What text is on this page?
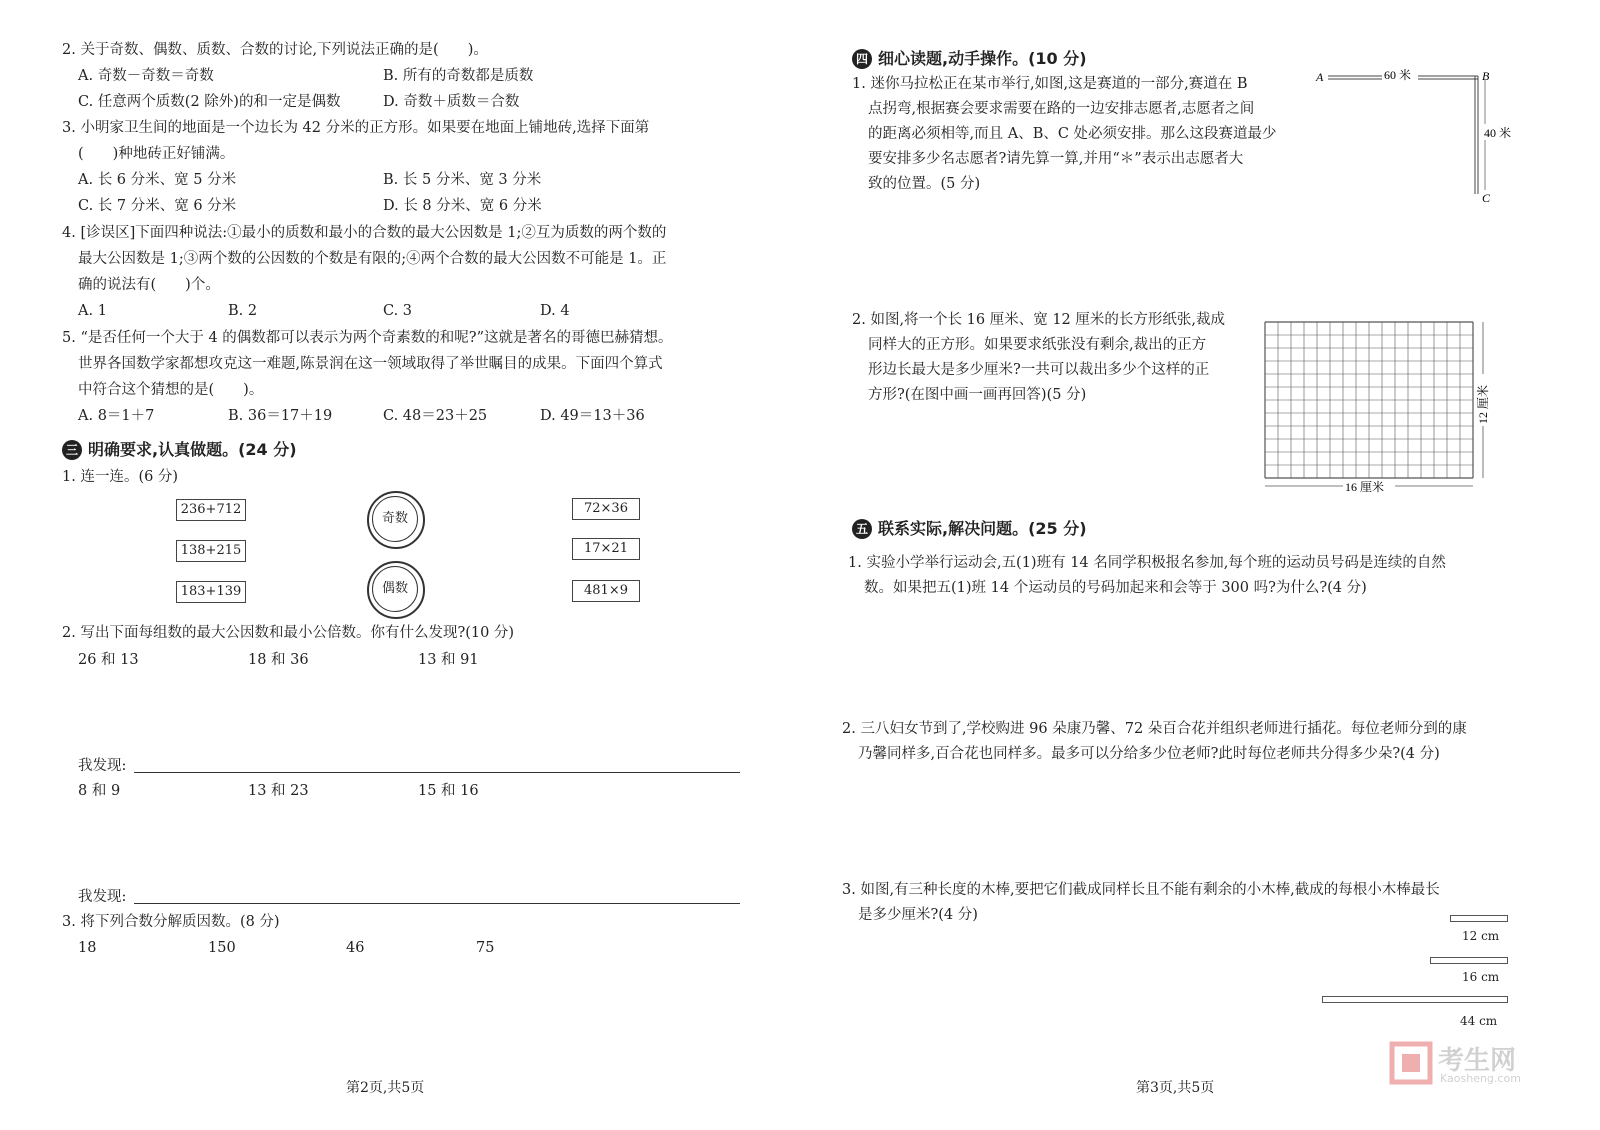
2. 关于奇数、偶数、质数、合数的讨论,下列说法正确的是(　　)。
A. 奇数－奇数＝奇数	B. 所有的奇数都是质数
C. 任意两个质数(2 除外)的和一定是偶数	D. 奇数＋质数＝合数
3. 小明家卫生间的地面是一个边长为 42 分米的正方形。如果要在地面上铺地砖,选择下面第
(　　)种地砖正好铺满。
A. 长 6 分米、宽 5 分米	B. 长 5 分米、宽 3 分米
C. 长 7 分米、宽 6 分米	D. 长 8 分米、宽 6 分米
4. [诊误区]下面四种说法:①最小的质数和最小的合数的最大公因数是 1;②互为质数的两个数的
最大公因数是 1;③两个数的公因数的个数是有限的;④两个合数的最大公因数不可能是 1。正
确的说法有(　　)个。
A. 1	B. 2	C. 3	D. 4
5. “是否任何一个大于 4 的偶数都可以表示为两个奇素数的和呢?”这就是著名的哥德巴赫猜想。
世界各国数学家都想攻克这一难题,陈景润在这一领域取得了举世瞩目的成果。下面四个算式
中符合这个猜想的是(　　)。
A. 8＝1＋7	B. 36＝17＋19	C. 48＝23＋25	D. 49＝13＋36
三 明确要求,认真做题。(24 分)
1. 连一连。(6 分)
236+712
138+215
183+139
奇数
偶数
72×36
17×21
481×9
2. 写出下面每组数的最大公因数和最小公倍数。你有什么发现?(10 分)
26 和 13	18 和 36	13 和 91
我发现:
8 和 9	13 和 23	15 和 16
我发现:
3. 将下列合数分解质因数。(8 分)
18	150	46	75
第2页,共5页
四 细心读题,动手操作。(10 分)
1. 迷你马拉松正在某市举行,如图,这是赛道的一部分,赛道在 B
点拐弯,根据赛会要求需要在路的一边安排志愿者,志愿者之间
的距离必须相等,而且 A、B、C 处必须安排。那么这段赛道最少
要安排多少名志愿者?请先算一算,并用“＊”表示出志愿者大
致的位置。(5 分)
A	B
C
60 米
40 米
2. 如图,将一个长 16 厘米、宽 12 厘米的长方形纸张,裁成
同样大的正方形。如果要求纸张没有剩余,裁出的正方
形边长最大是多少厘米?一共可以裁出多少个这样的正
方形?(在图中画一画再回答)(5 分)
16 厘米
12 厘米
五 联系实际,解决问题。(25 分)
1. 实验小学举行运动会,五(1)班有 14 名同学积极报名参加,每个班的运动员号码是连续的自然
数。如果把五(1)班 14 个运动员的号码加起来和会等于 300 吗?为什么?(4 分)
2. 三八妇女节到了,学校购进 96 朵康乃馨、72 朵百合花并组织老师进行插花。每位老师分到的康
乃馨同样多,百合花也同样多。最多可以分给多少位老师?此时每位老师共分得多少朵?(4 分)
3. 如图,有三种长度的木棒,要把它们截成同样长且不能有剩余的小木棒,截成的每根小木棒最长
是多少厘米?(4 分)
12 cm
16 cm
44 cm
第3页,共5页
考生网
Kaosheng.com
